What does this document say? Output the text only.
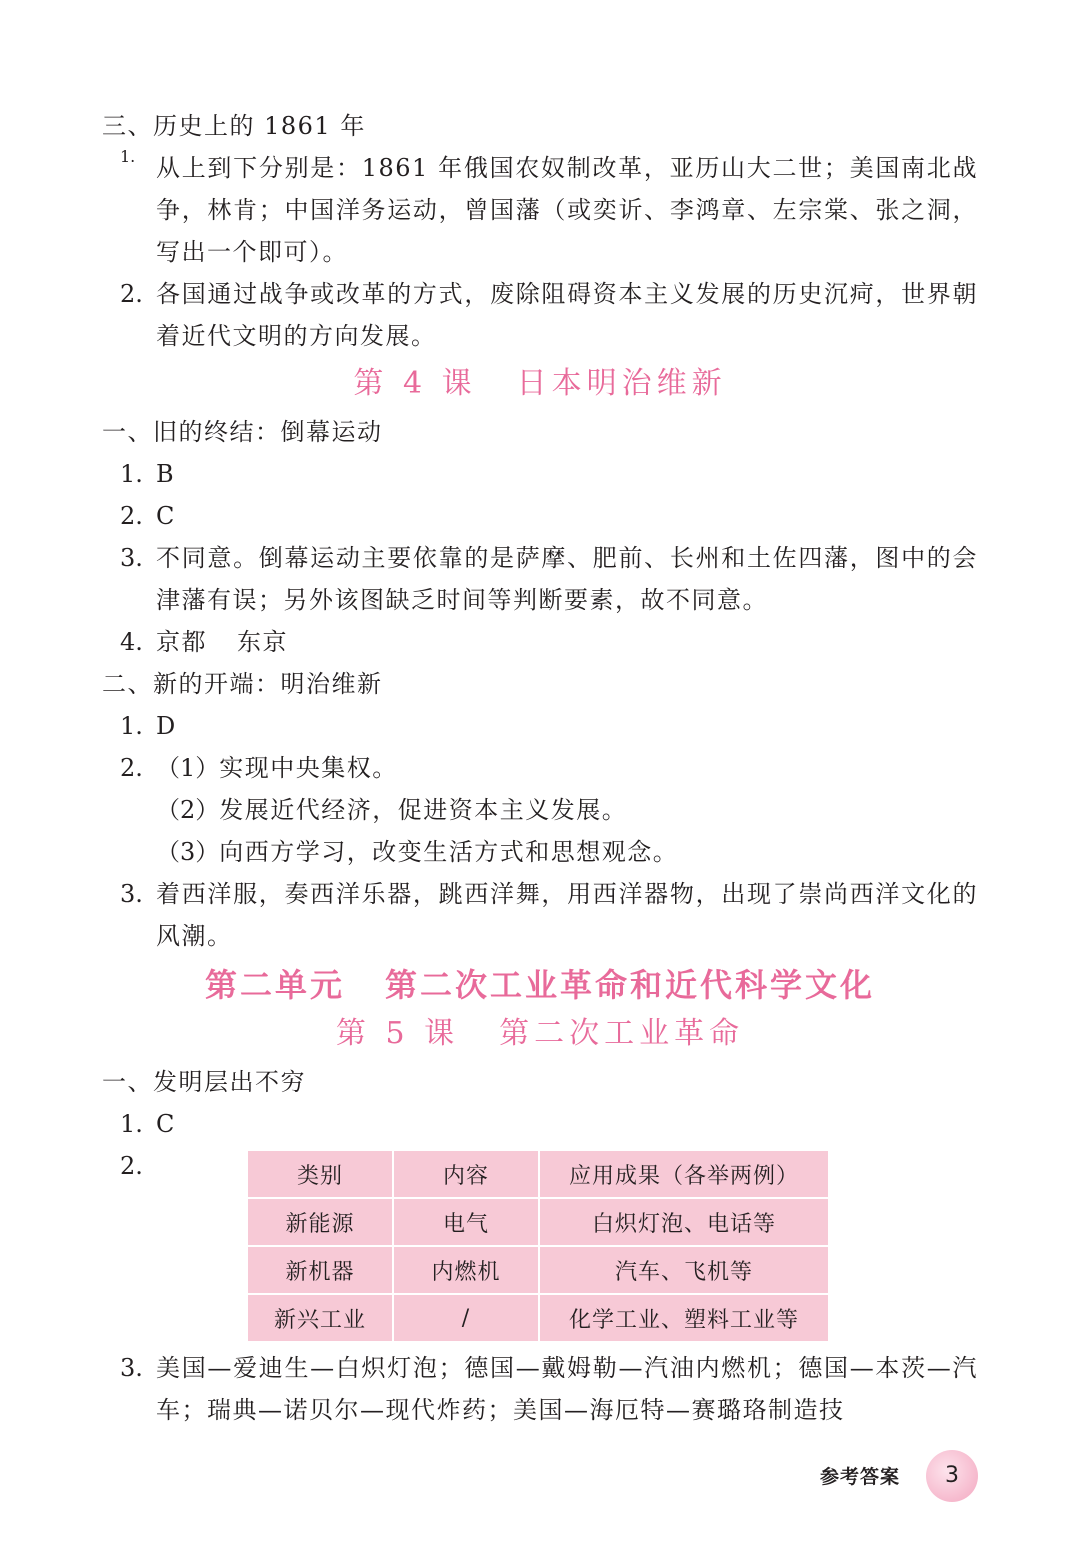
三、历史上的 1861 年
1. 从上到下分别是：1861 年俄国农奴制改革，亚历山大二世；美国南北战争，林肯；中国洋务运动，曾国藩（或奕䜣、李鸿章、左宗棠、张之洞，写出一个即可）。
2. 各国通过战争或改革的方式，废除阻碍资本主义发展的历史沉疴，世界朝着近代文明的方向发展。
第 4 课 日本明治维新
一、旧的终结：倒幕运动
1. B
2. C
3. 不同意。倒幕运动主要依靠的是萨摩、肥前、长州和土佐四藩，图中的会津藩有误；另外该图缺乏时间等判断要素，故不同意。
4. 京都 东京
二、新的开端：明治维新
1. D
2. （1） 实现中央集权。
（2） 发展近代经济，促进资本主义发展。
（3） 向西方学习，改变生活方式和思想观念。
3. 着西洋服，奏西洋乐器，跳西洋舞，用西洋器物，出现了崇尚西洋文化的风潮。
第二单元 第二次工业革命和近代科学文化
第 5 课 第二次工业革命
一、发明层出不穷
1. C
2.	类别	内容	应用成果（各举两例）
新能源	电气	白炽灯泡、电话等
新机器	内燃机	汽车、飞机等
新兴工业	/	化学工业、塑料工业等
3. 美国—爱迪生—白炽灯泡；德国—戴姆勒—汽油内燃机；德国—本茨—汽车；瑞典—诺贝尔—现代炸药；美国—海厄特—赛璐珞制造技
参考答案	3
